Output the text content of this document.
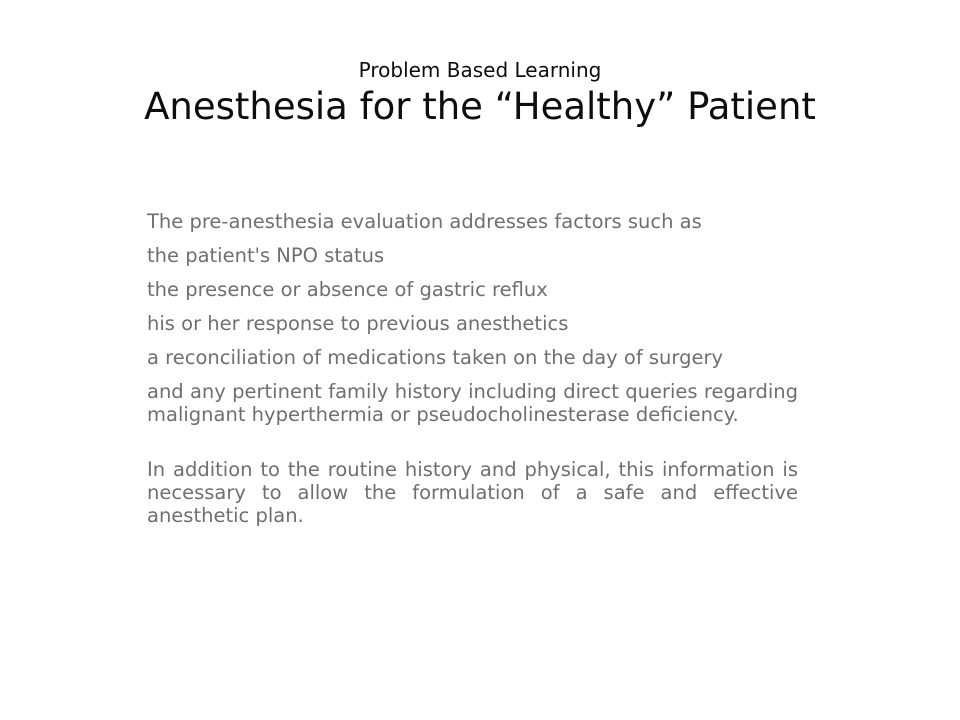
Problem Based Learning
Anesthesia for the “Healthy” Patient

The pre-anesthesia evaluation addresses factors such as

the patient's NPO status

the presence or absence of gastric reflux

his or her response to previous anesthetics

a reconciliation of medications taken on the day of surgery

and any pertinent family history including direct queries regarding malignant hyperthermia or pseudocholinesterase deficiency.

In addition to the routine history and physical, this information is necessary to allow the formulation of a safe and effective anesthetic plan.
